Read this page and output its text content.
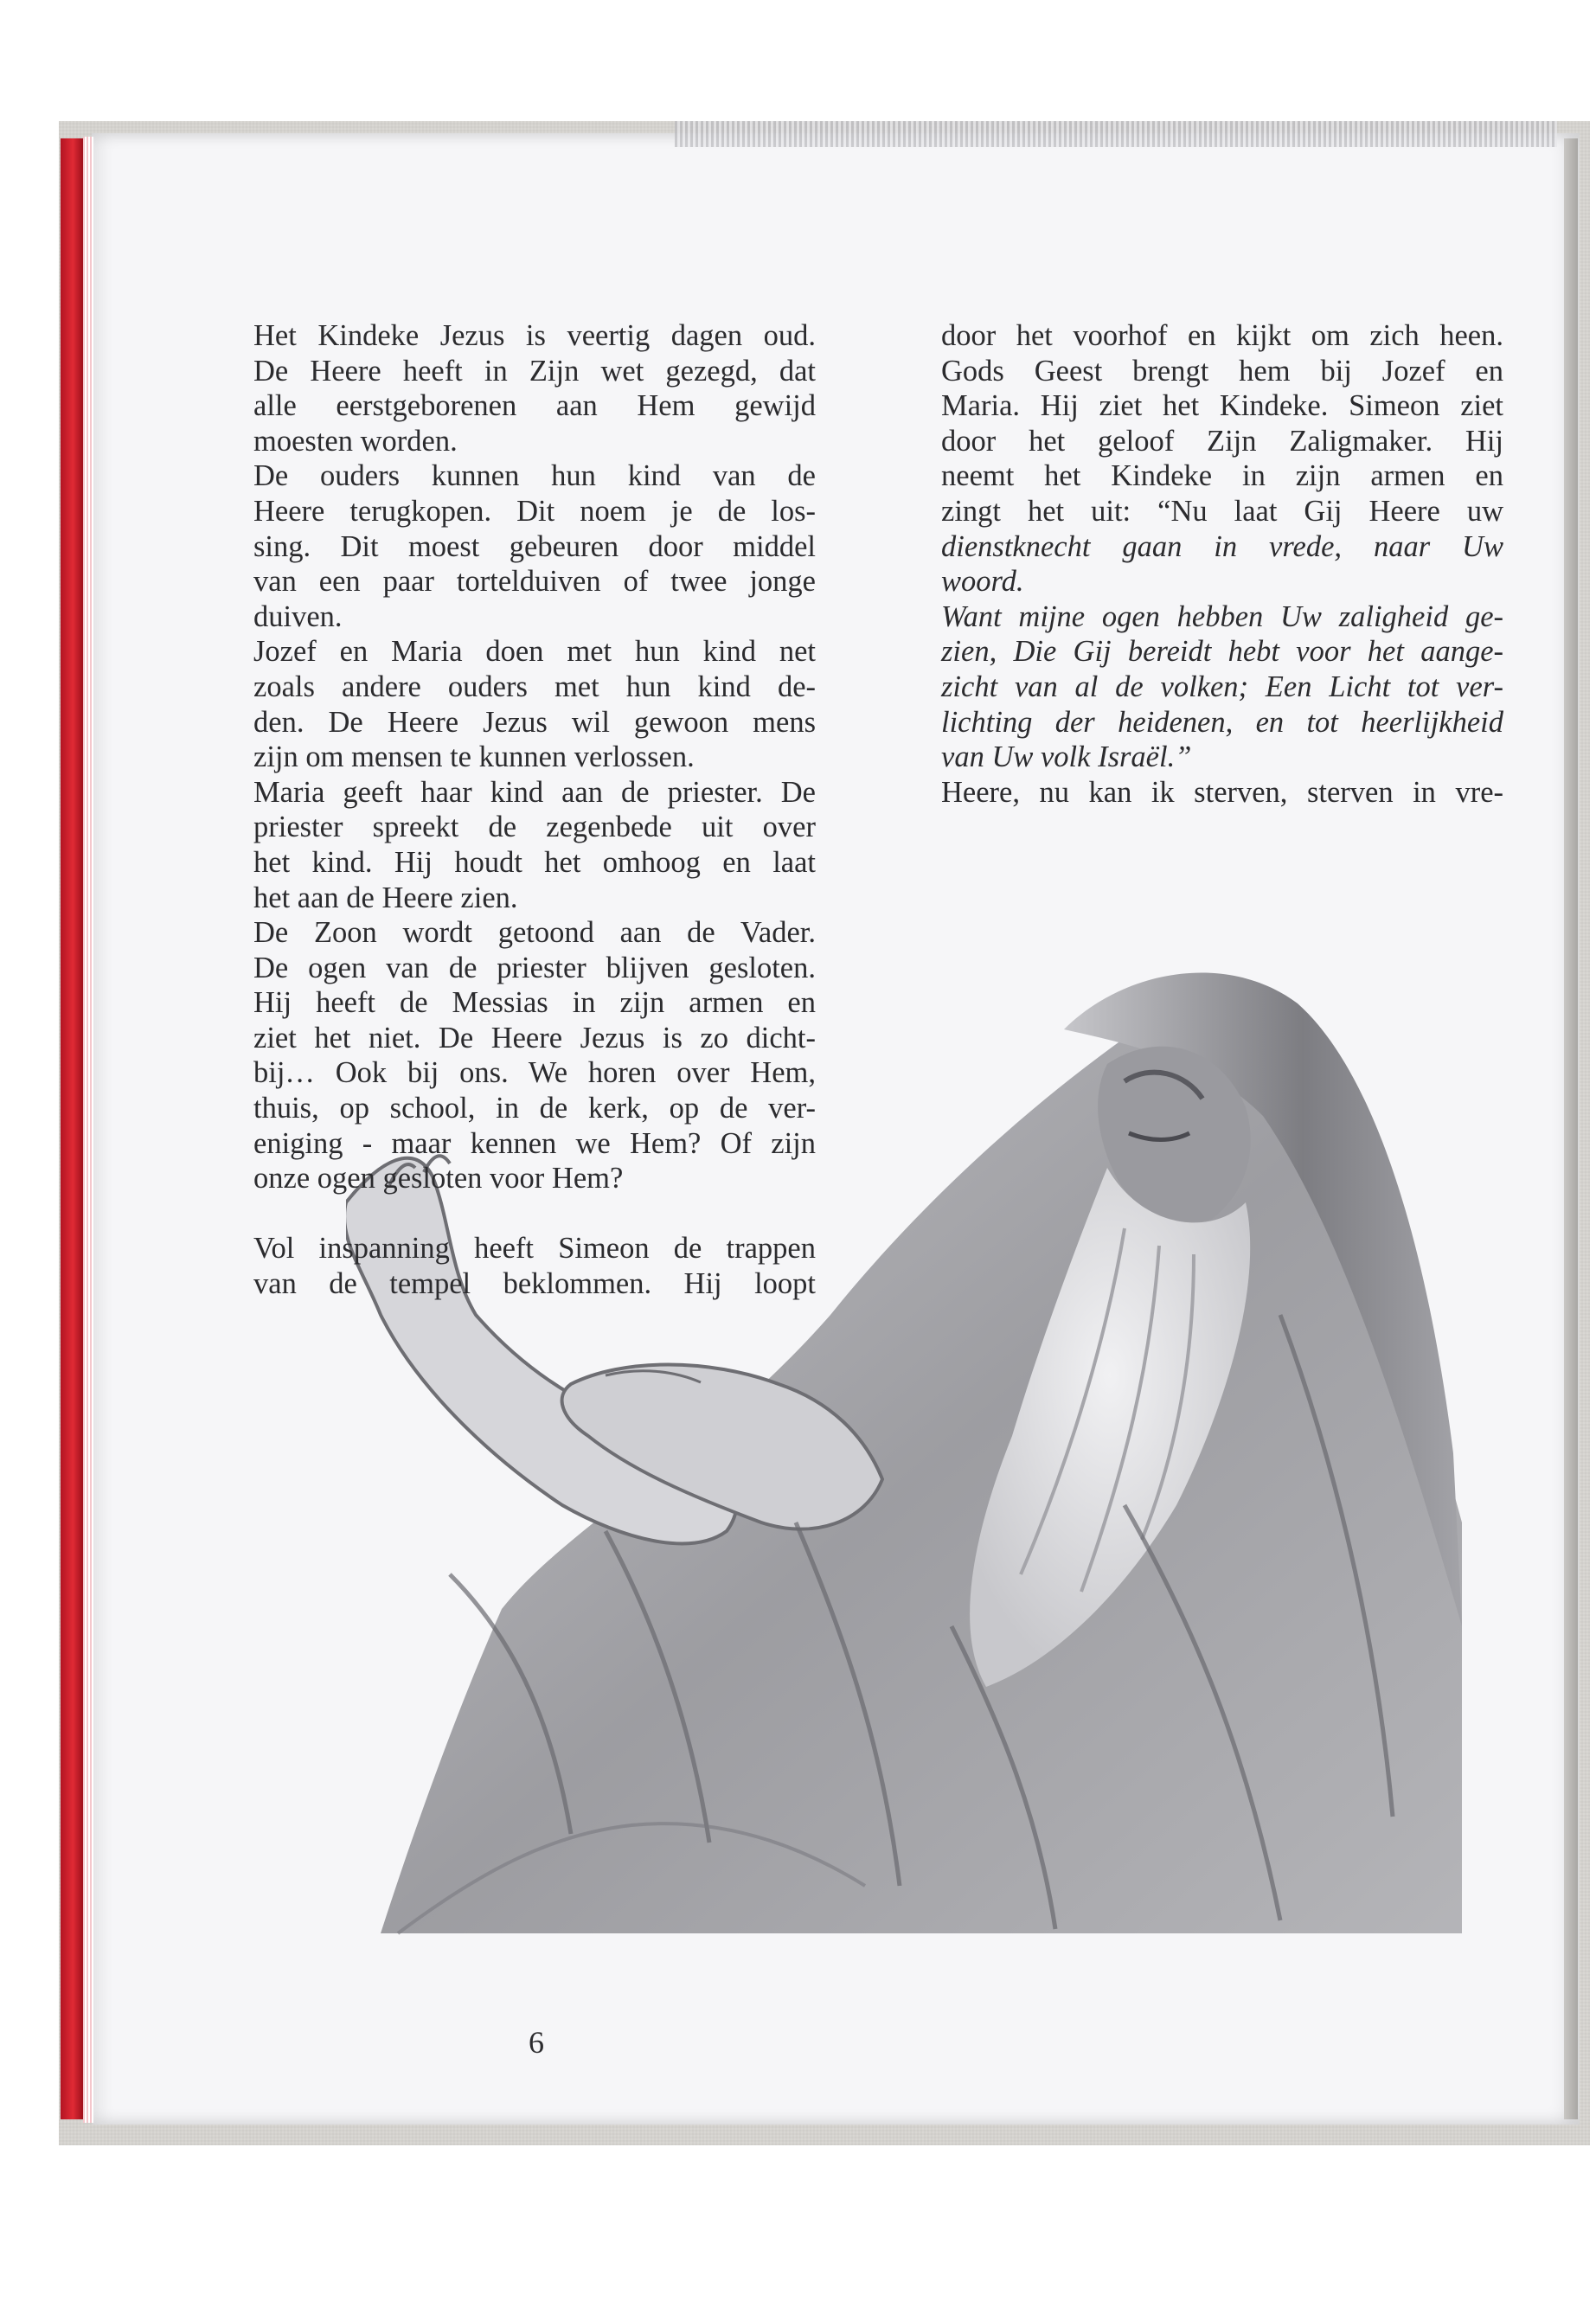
Het Kindeke Jezus is veertig dagen oud.
De Heere heeft in Zijn wet gezegd, dat
alle eerstgeborenen aan Hem gewijd
moesten worden.
De ouders kunnen hun kind van de
Heere terugkopen. Dit noem je de los-
sing. Dit moest gebeuren door middel
van een paar tortelduiven of twee jonge
duiven.
Jozef en Maria doen met hun kind net
zoals andere ouders met hun kind de-
den. De Heere Jezus wil gewoon mens
zijn om mensen te kunnen verlossen.
Maria geeft haar kind aan de priester. De
priester spreekt de zegenbede uit over
het kind. Hij houdt het omhoog en laat
het aan de Heere zien.
De Zoon wordt getoond aan de Vader.
De ogen van de priester blijven gesloten.
Hij heeft de Messias in zijn armen en
ziet het niet. De Heere Jezus is zo dicht-
bij… Ook bij ons. We horen over Hem,
thuis, op school, in de kerk, op de ver-
eniging - maar kennen we Hem? Of zijn
onze ogen gesloten voor Hem?
Vol inspanning heeft Simeon de trappen
van de tempel beklommen. Hij loopt
door het voorhof en kijkt om zich heen.
Gods Geest brengt hem bij Jozef en
Maria. Hij ziet het Kindeke. Simeon ziet
door het geloof Zijn Zaligmaker. Hij
neemt het Kindeke in zijn armen en
zingt het uit: “Nu laat Gij Heere uw
dienstknecht gaan in vrede, naar Uw
woord.
Want mijne ogen hebben Uw zaligheid ge-
zien, Die Gij bereidt hebt voor het aange-
zicht van al de volken; Een Licht tot ver-
lichting der heidenen, en tot heerlijkheid
van Uw volk Israël.”
Heere, nu kan ik sterven, sterven in vre-
6
